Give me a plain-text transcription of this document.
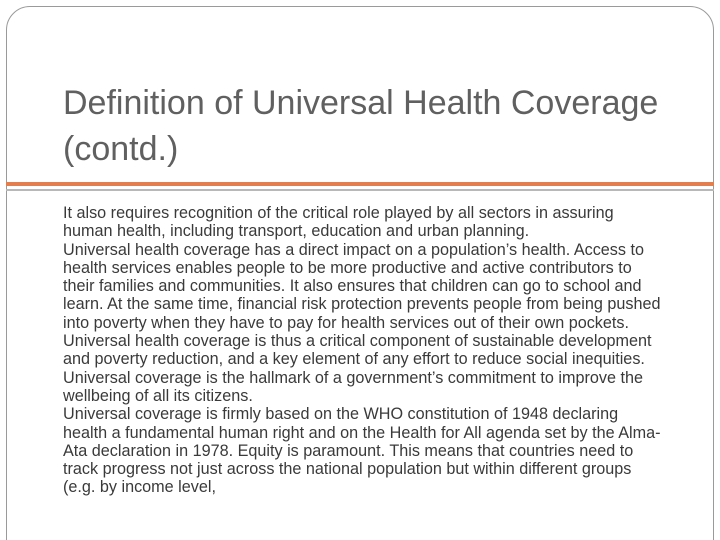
Definition of Universal Health Coverage (contd.)
It also requires recognition of the critical role played by all sectors in assuring human health, including transport, education and urban planning.
Universal health coverage has a direct impact on a population’s health. Access to health services enables people to be more productive and active contributors to their families and communities. It also ensures that children can go to school and learn. At the same time, financial risk protection prevents people from being pushed into poverty when they have to pay for health services out of their own pockets. Universal health coverage is thus a critical component of sustainable development and poverty reduction, and a key element of any effort to reduce social inequities. Universal coverage is the hallmark of a government’s commitment to improve the wellbeing of all its citizens.
Universal coverage is firmly based on the WHO constitution of 1948 declaring health a fundamental human right and on the Health for All agenda set by the Alma-Ata declaration in 1978. Equity is paramount. This means that countries need to track progress not just across the national population but within different groups (e.g. by income level,
